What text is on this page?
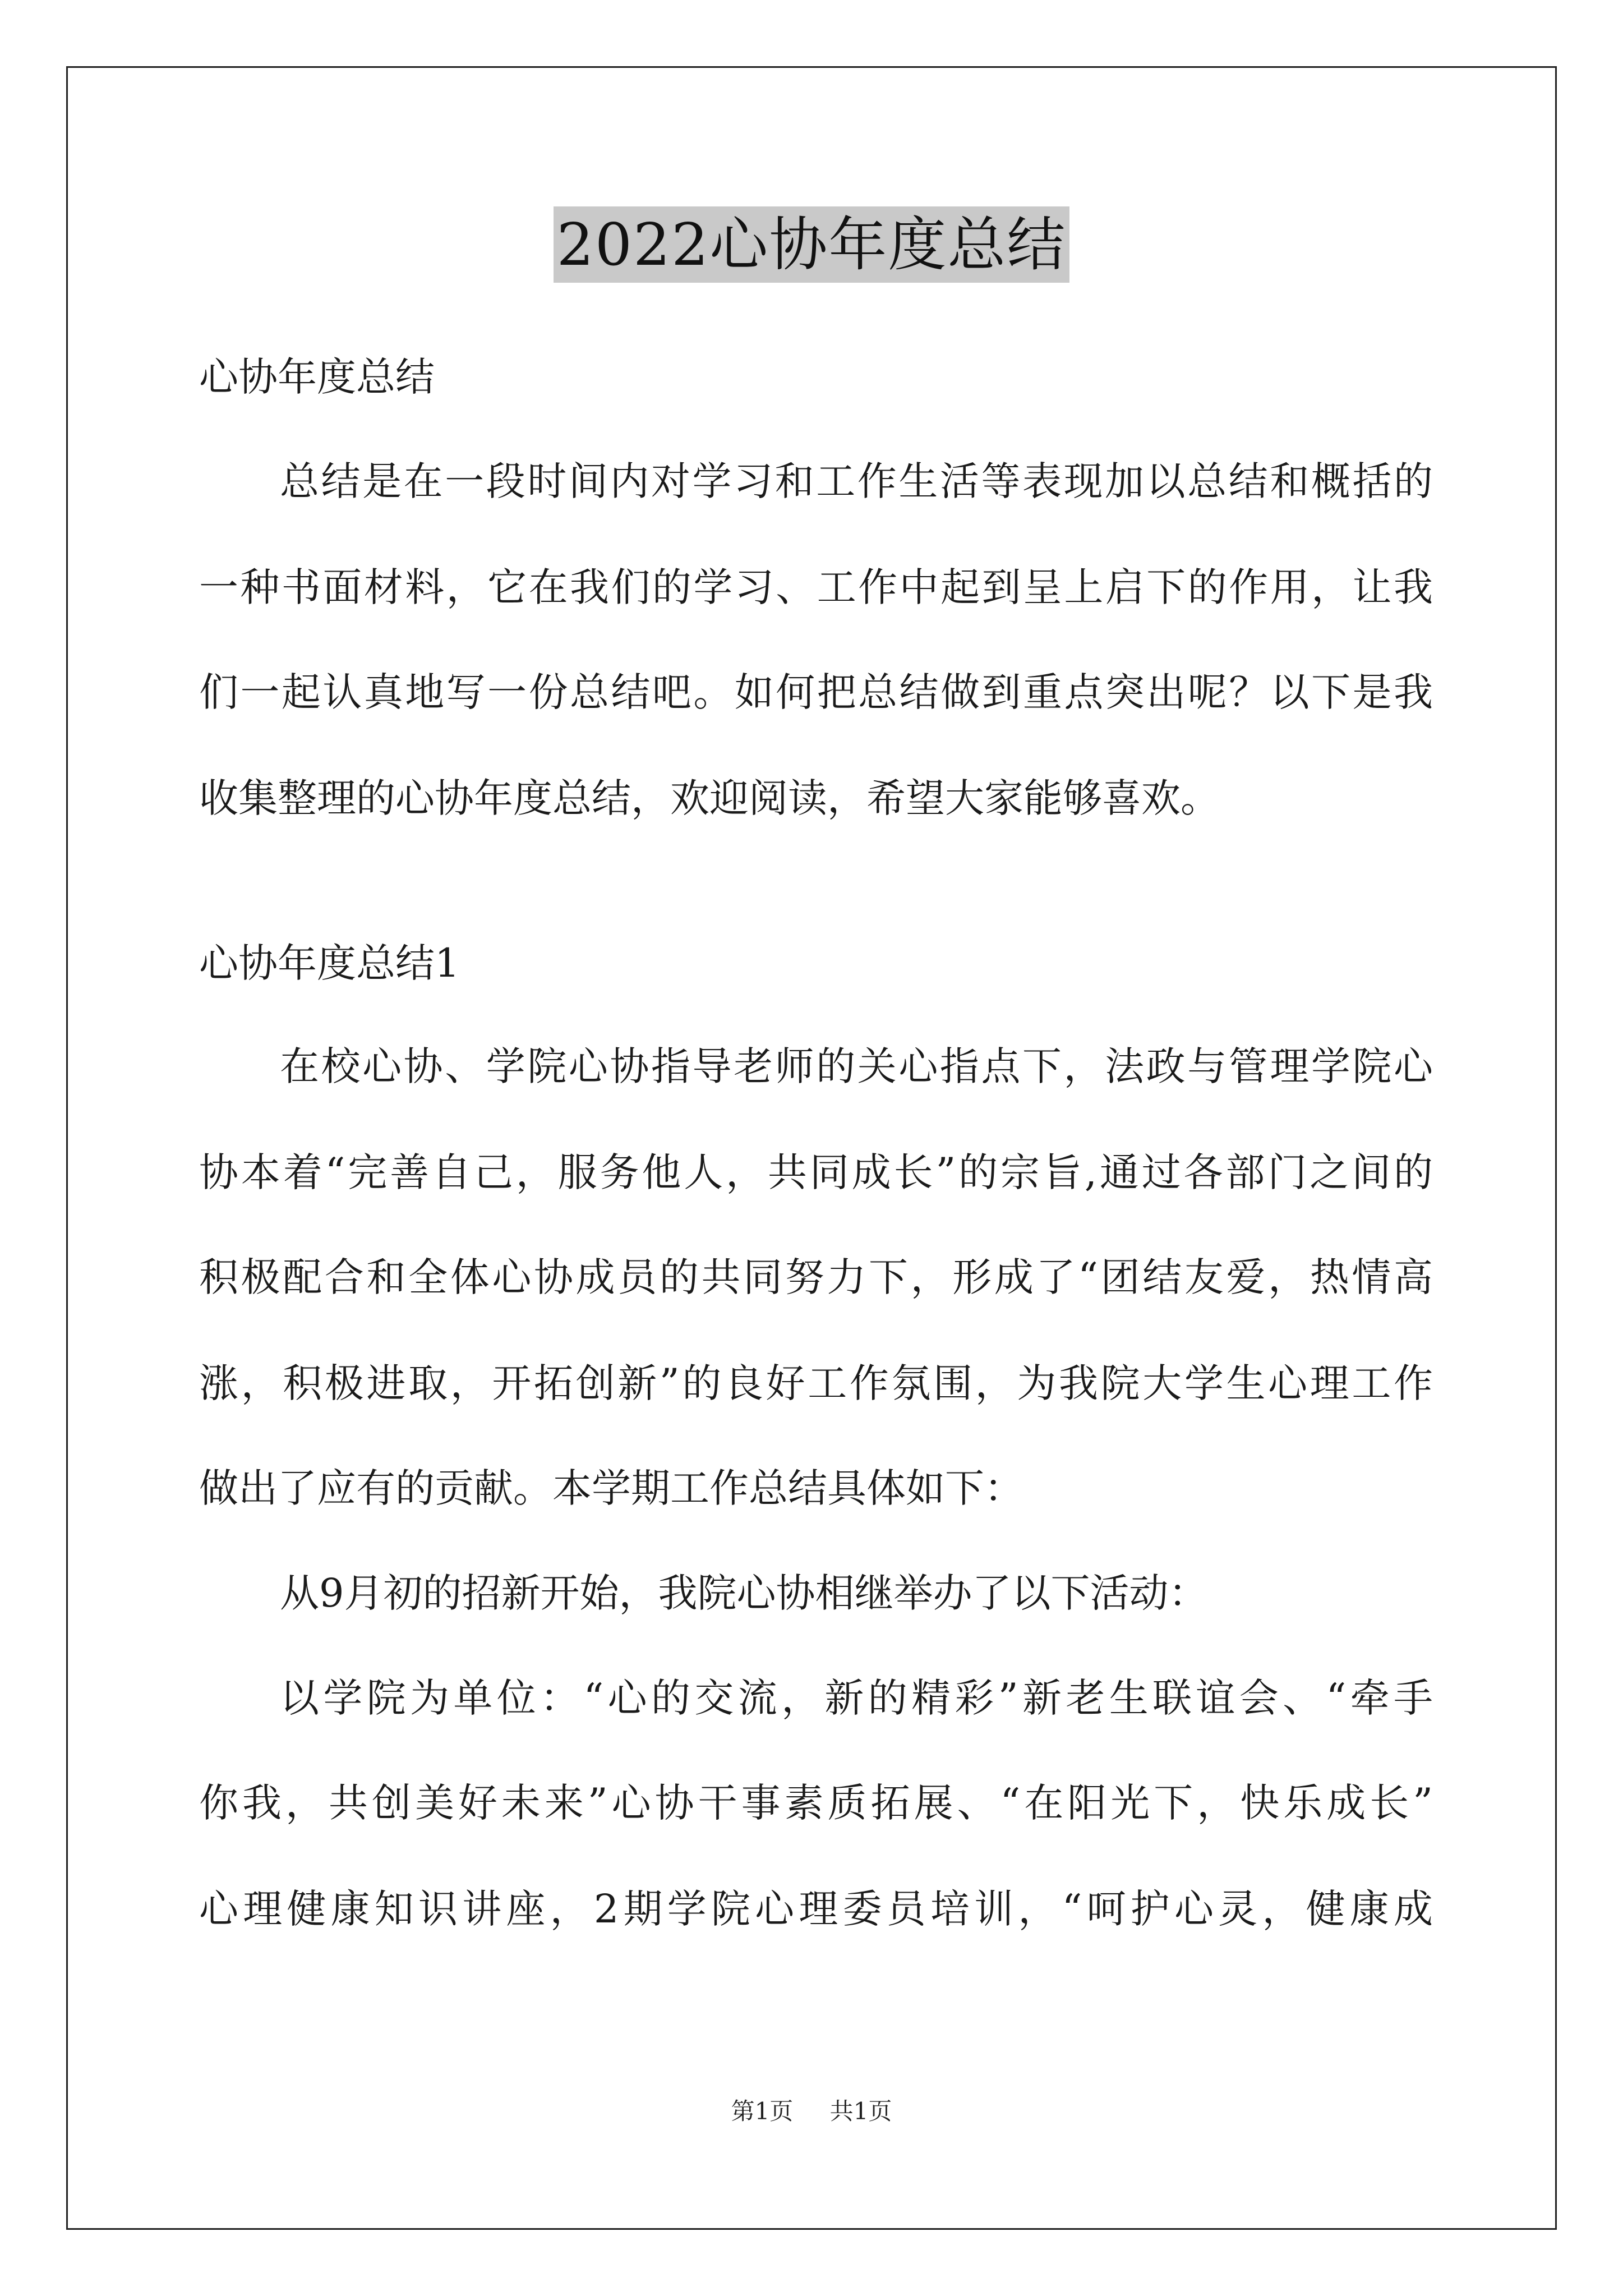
2022心协年度总结
心协年度总结
总结是在一段时间内对学习和工作生活等表现加以总结和概括的
一种书面材料，它在我们的学习、工作中起到呈上启下的作用，让我
们一起认真地写一份总结吧。如何把总结做到重点突出呢？以下是我
收集整理的心协年度总结，欢迎阅读，希望大家能够喜欢。
心协年度总结1
在校心协、学院心协指导老师的关心指点下，法政与管理学院心
协本着“完善自己，服务他人，共同成长”的宗旨,通过各部门之间的
积极配合和全体心协成员的共同努力下，形成了“团结友爱，热情高
涨，积极进取，开拓创新”的良好工作氛围，为我院大学生心理工作
做出了应有的贡献。本学期工作总结具体如下：
从9月初的招新开始，我院心协相继举办了以下活动：
以学院为单位：“心的交流，新的精彩”新老生联谊会、“牵手
你我，共创美好未来”心协干事素质拓展、“在阳光下，快乐成长”
心理健康知识讲座，2期学院心理委员培训，“呵护心灵，健康成
第1页 共1页
